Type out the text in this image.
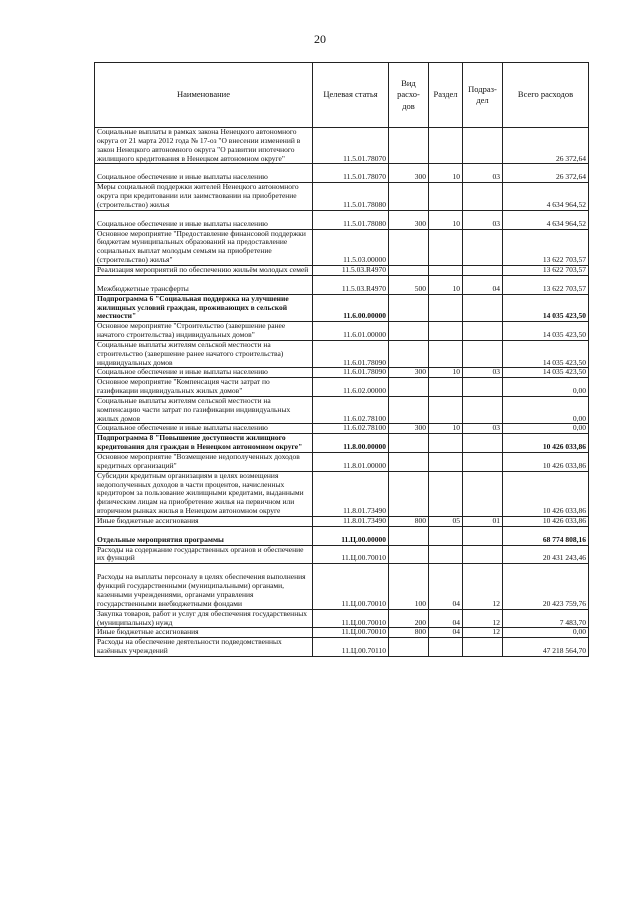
20
Наименование	Целевая статья	Вид расхо-дов	Раздел	Подраз-дел	Всего расходов
Социальные выплаты в рамках закона Ненецкого автономного округа от 21 марта 2012 года № 17-оз "О внесении изменений в закон Ненецкого автономного округа "О развитии ипотечного жилищного кредитования в Ненецком автономном округе"	11.5.01.78070				26 372,64
Социальное обеспечение и иные выплаты населению	11.5.01.78070	300	10	03	26 372,64
Меры социальной поддержки жителей Ненецкого автономного округа при кредитовании или заимствовании на приобретение (строительство) жилья	11.5.01.78080				4 634 964,52
Социальное обеспечение и иные выплаты населению	11.5.01.78080	300	10	03	4 634 964,52
Основное мероприятие "Предоставление финансовой поддержки бюджетам муниципальных образований на предоставление социальных выплат молодым семьям на приобретение (строительство) жилья"	11.5.03.00000				13 622 703,57
Реализация мероприятий по обеспечению жильём молодых семей	11.5.03.R4970				13 622 703,57
Межбюджетные трансферты	11.5.03.R4970	500	10	04	13 622 703,57
Подпрограмма 6 "Социальная поддержка на улучшение жилищных условий граждан, проживающих в сельской местности"	11.6.00.00000				14 035 423,50
Основное мероприятие "Строительство (завершение ранее начатого строительства) индивидуальных домов"	11.6.01.00000				14 035 423,50
Социальные выплаты жителям сельской местности на строительство (завершение ранее начатого строительства) индивидуальных домов	11.6.01.78090				14 035 423,50
Социальное обеспечение и иные выплаты населению	11.6.01.78090	300	10	03	14 035 423,50
Основное мероприятие "Компенсация части затрат по газификации индивидуальных жилых домов"	11.6.02.00000				0,00
Социальные выплаты жителям сельской местности на компенсацию части затрат по газификации индивидуальных жилых домов	11.6.02.78100				0,00
Социальное обеспечение и иные выплаты населению	11.6.02.78100	300	10	03	0,00
Подпрограмма 8 "Повышение доступности жилищного кредитования для граждан в Ненецком автономном округе"	11.8.00.00000				10 426 033,86
Основное мероприятие "Возмещение недополученных доходов кредитных организаций"	11.8.01.00000				10 426 033,86
Субсидии кредитным организациям в целях возмещения недополученных доходов в части процентов, начисленных кредитором за пользование жилищными кредитами, выданными физическим лицам на приобретение жилья на первичном или вторичном рынках жилья в Ненецком автономном округе	11.8.01.73490				10 426 033,86
Иные бюджетные ассигнования	11.8.01.73490	800	05	01	10 426 033,86
Отдельные мероприятия программы	11.Ц.00.00000				68 774 808,16
Расходы на содержание государственных органов и обеспечение их функций	11.Ц.00.70010				20 431 243,46
Расходы на выплаты персоналу в целях обеспечения выполнения функций государственными (муниципальными) органами, казенными учреждениями, органами управления государственными внебюджетными фондами	11.Ц.00.70010	100	04	12	20 423 759,76
Закупка товаров, работ и услуг для обеспечения государственных (муниципальных) нужд	11.Ц.00.70010	200	04	12	7 483,70
Иные бюджетные ассигнования	11.Ц.00.70010	800	04	12	0,00
Расходы на обеспечение деятельности подведомственных казённых учреждений	11.Ц.00.70110				47 218 564,70
